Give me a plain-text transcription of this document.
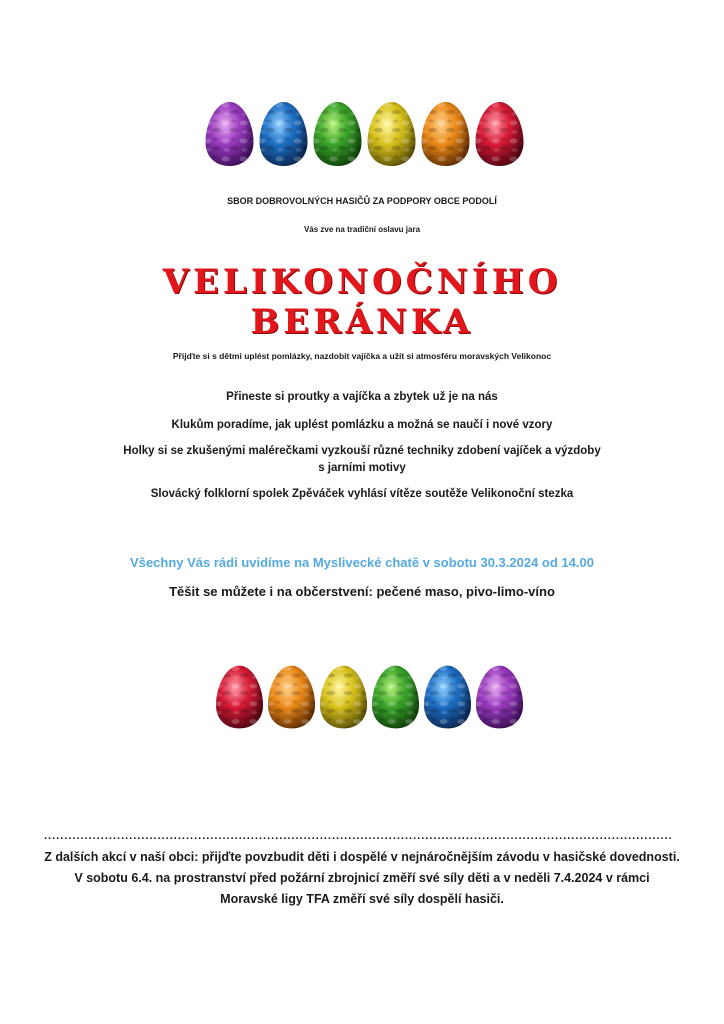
SBOR DOBROVOLNÝCH HASIČŮ ZA PODPORY OBCE PODOLÍ
Vás zve na tradiční oslavu jara
VELIKONOČNÍHO
BERÁNKA
Přijďte si s dětmi uplést pomlázky, nazdobit vajíčka a užít si atmosféru moravských Velikonoc
Přineste si proutky a vajíčka a zbytek už je na nás
Klukům poradíme, jak uplést pomlázku a možná se naučí i nové vzory
Holky si se zkušenými malérečkami vyzkouší různé techniky zdobení vajíček a výzdoby
s jarními motivy
Slovácký folklorní spolek Zpěváček vyhlásí vítěze soutěže Velikonoční stezka
Všechny Vás rádi uvidíme na Myslivecké chatě v sobotu 30.3.2024 od 14.00
Těšit se můžete i na občerstvení: pečené maso, pivo-limo-víno
...........................................................................................................................................................
Z dalších akcí v naší obci: přijďte povzbudit děti i dospělé v nejnáročnějším závodu v hasičské dovednosti.
V sobotu 6.4. na prostranství před požární zbrojnicí změří své síly děti a v neděli 7.4.2024 v rámci
Moravské ligy TFA změří své síly dospělí hasiči.
